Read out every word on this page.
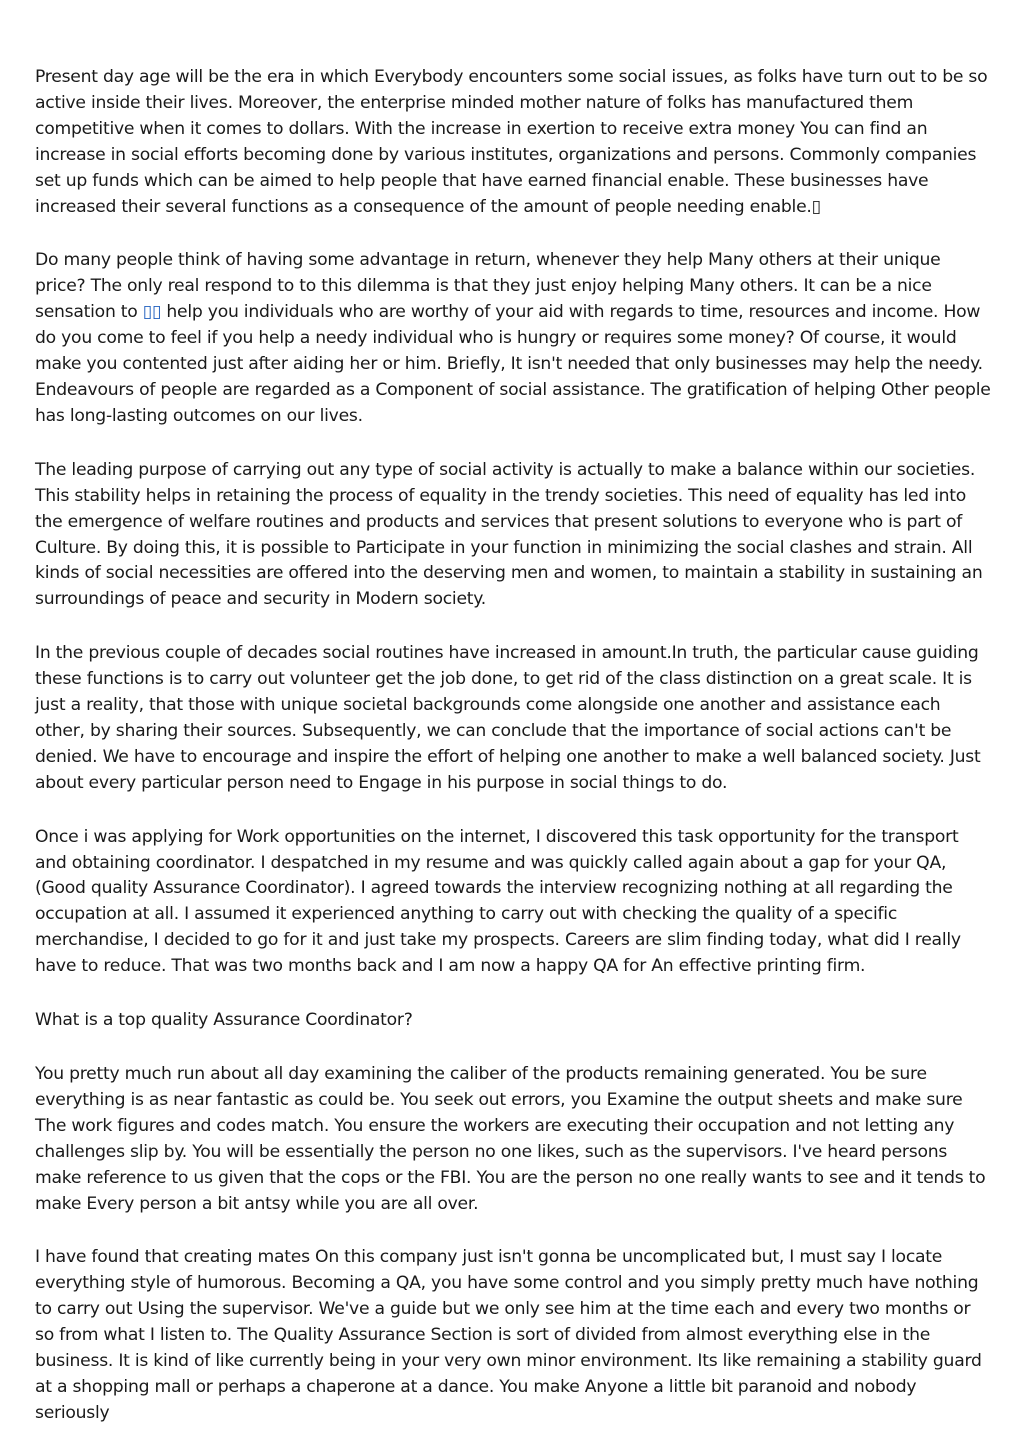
Present day age will be the era in which Everybody encounters some social issues, as folks have turn out to be so active inside their lives. Moreover, the enterprise minded mother nature of folks has manufactured them competitive when it comes to dollars. With the increase in exertion to receive extra money You can find an increase in social efforts becoming done by various institutes, organizations and persons. Commonly companies set up funds which can be aimed to help people that have earned financial enable. These businesses have increased their several functions as a consequence of the amount of people needing enable.▯

Do many people think of having some advantage in return, whenever they help Many others at their unique price? The only real respond to to this dilemma is that they just enjoy helping Many others. It can be a nice sensation to ▯▯ help you individuals who are worthy of your aid with regards to time, resources and income. How do you come to feel if you help a needy individual who is hungry or requires some money? Of course, it would make you contented just after aiding her or him. Briefly, It isn't needed that only businesses may help the needy. Endeavours of people are regarded as a Component of social assistance. The gratification of helping Other people has long-lasting outcomes on our lives.

The leading purpose of carrying out any type of social activity is actually to make a balance within our societies. This stability helps in retaining the process of equality in the trendy societies. This need of equality has led into the emergence of welfare routines and products and services that present solutions to everyone who is part of Culture. By doing this, it is possible to Participate in your function in minimizing the social clashes and strain. All kinds of social necessities are offered into the deserving men and women, to maintain a stability in sustaining an surroundings of peace and security in Modern society.

In the previous couple of decades social routines have increased in amount.In truth, the particular cause guiding these functions is to carry out volunteer get the job done, to get rid of the class distinction on a great scale. It is just a reality, that those with unique societal backgrounds come alongside one another and assistance each other, by sharing their sources. Subsequently, we can conclude that the importance of social actions can't be denied. We have to encourage and inspire the effort of helping one another to make a well balanced society. Just about every particular person need to Engage in his purpose in social things to do.

Once i was applying for Work opportunities on the internet, I discovered this task opportunity for the transport and obtaining coordinator. I despatched in my resume and was quickly called again about a gap for your QA, (Good quality Assurance Coordinator). I agreed towards the interview recognizing nothing at all regarding the occupation at all. I assumed it experienced anything to carry out with checking the quality of a specific merchandise, I decided to go for it and just take my prospects. Careers are slim finding today, what did I really have to reduce. That was two months back and I am now a happy QA for An effective printing firm.

What is a top quality Assurance Coordinator?

You pretty much run about all day examining the caliber of the products remaining generated. You be sure everything is as near fantastic as could be. You seek out errors, you Examine the output sheets and make sure The work figures and codes match. You ensure the workers are executing their occupation and not letting any challenges slip by. You will be essentially the person no one likes, such as the supervisors. I've heard persons make reference to us given that the cops or the FBI. You are the person no one really wants to see and it tends to make Every person a bit antsy while you are all over.

I have found that creating mates On this company just isn't gonna be uncomplicated but, I must say I locate everything style of humorous. Becoming a QA, you have some control and you simply pretty much have nothing to carry out Using the supervisor. We've a guide but we only see him at the time each and every two months or so from what I listen to. The Quality Assurance Section is sort of divided from almost everything else in the business. It is kind of like currently being in your very own minor environment. Its like remaining a stability guard at a shopping mall or perhaps a chaperone at a dance. You make Anyone a little bit paranoid and nobody seriously
